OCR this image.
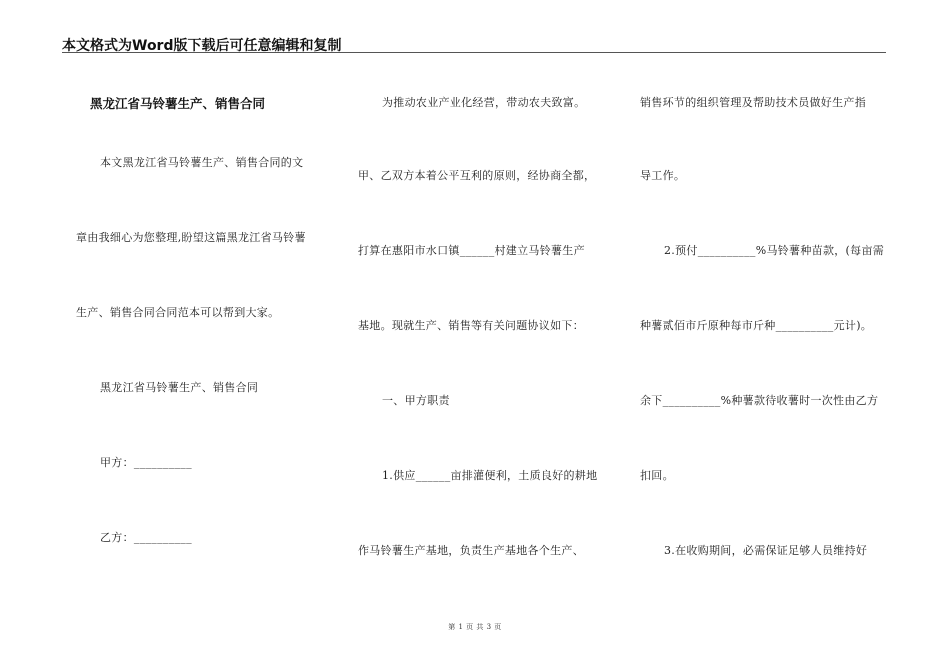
本文格式为Word版下载后可任意编辑和复制
黑龙江省马铃薯生产、销售合同
本文黑龙江省马铃薯生产、销售合同的文
章由我细心为您整理,盼望这篇黑龙江省马铃薯
生产、销售合同合同范本可以帮到大家。
黑龙江省马铃薯生产、销售合同
甲方：__________
乙方：__________
为推动农业产业化经营，带动农夫致富。
甲、乙双方本着公平互利的原则，经协商全都，
打算在惠阳市水口镇______村建立马铃薯生产
基地。现就生产、销售等有关问题协议如下：
一、甲方职责
1.供应______亩排灌便利，土质良好的耕地
作马铃薯生产基地，负责生产基地各个生产、
销售环节的组织管理及帮助技术员做好生产指
导工作。
2.预付__________%马铃薯种苗款，(每亩需
种薯贰佰市斤原种每市斤种__________元计)。
余下__________%种薯款待收薯时一次性由乙方
扣回。
3.在收购期间，必需保证足够人员维持好
第 1 页 共 3 页
